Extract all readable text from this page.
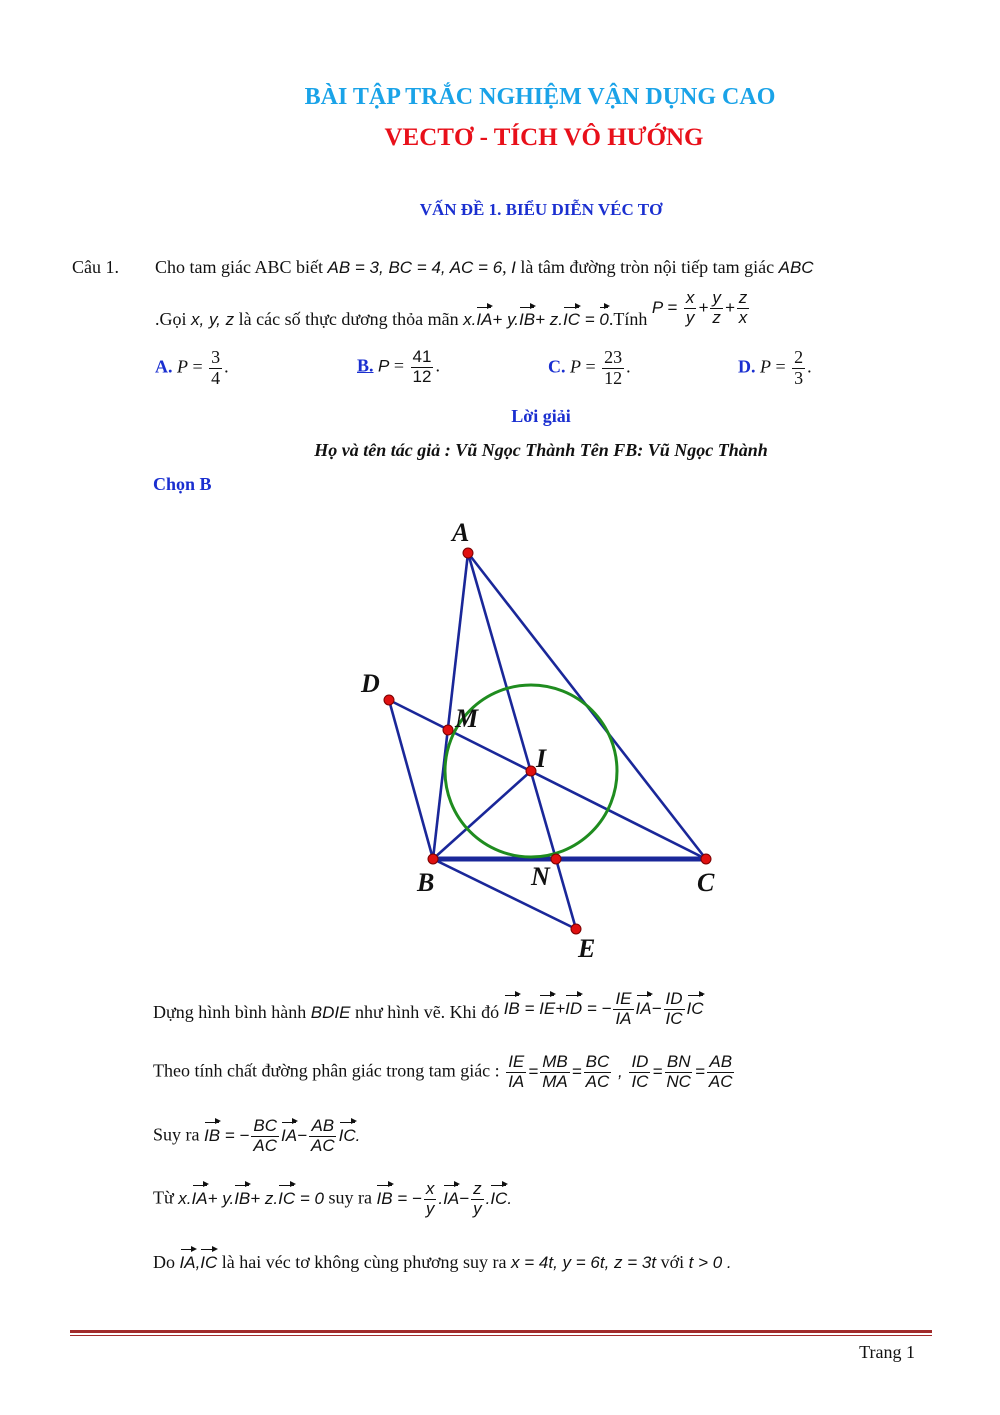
BÀI TẬP TRẮC NGHIỆM VẬN DỤNG CAO
VECTƠ - TÍCH VÔ HƯỚNG
VẤN ĐỀ 1. BIỂU DIỄN VÉC TƠ
Câu 1. Cho tam giác ABC biết AB = 3, BC = 4, AC = 6, I là tâm đường tròn nội tiếp tam giác ABC
.Gọi x, y, z là các số thực dương thỏa mãn x.IA+ y.IB+ z.IC = 0.Tính $P = \frac{x}{y} + \frac{y}{z} + \frac{z}{x}$
A. $P = \frac{3}{4}$ .	B. $P = \frac{41}{12}$ .	C. $P = \frac{23}{12}$ .	D. $P = \frac{2}{3}$ .
Lời giải
Họ và tên tác giả : Vũ Ngọc Thành Tên FB: Vũ Ngọc Thành
Chọn B
A
D
M
I
B	N	C
E
Dựng hình bình hành BDIE như hình vẽ. Khi đó IB = IE+ID = − $\frac{IE}{IA} IA- \frac{ID}{IC}$ IC
Theo tính chất đường phân giác trong tam giác : $\frac{IE}{IA} = \frac{MB}{MA} = \frac{BC}{AC}$ , $\frac{ID}{IC} = \frac{BN}{NC} = \frac{AB}{AC}$
Suy ra IB = − $\frac{BC}{AC} IA- \frac{AB}{AC}$ IC.
Từ x.IA+ y.IB+ z.IC = 0 suy ra IB = − $\frac{x}{y} .IA- \frac{z}{y} .IC$.
Do IA,IC là hai véc tơ không cùng phương suy ra x = 4t, y = 6t, z = 3t với t > 0 .
Trang 1
